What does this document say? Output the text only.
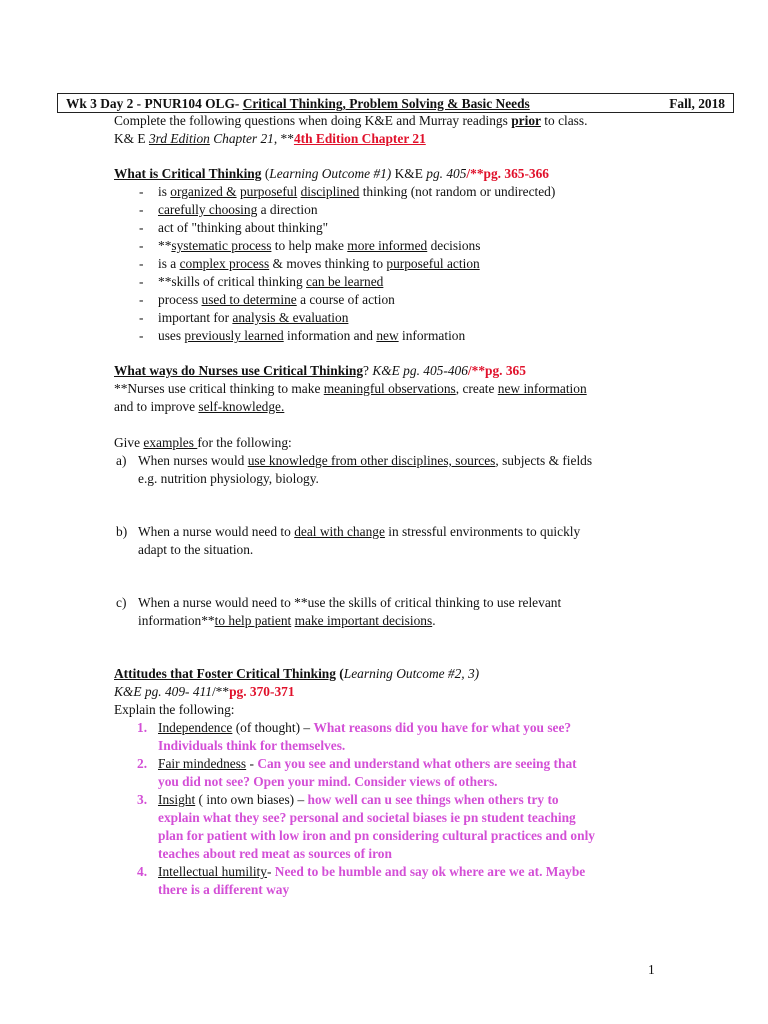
Wk 3 Day 2 - PNUR104 OLG- Critical Thinking, Problem Solving & Basic Needs	Fall, 2018
Complete the following questions when doing K&E and Murray readings prior to class.
K& E 3rd Edition Chapter 21, **4th Edition Chapter 21
What is Critical Thinking (Learning Outcome #1) K&E pg. 405/**pg. 365-366
- is organized & purposeful disciplined thinking (not random or undirected)
- carefully choosing a direction
- act of "thinking about thinking"
- **systematic process to help make more informed decisions
- is a complex process & moves thinking to purposeful action
- **skills of critical thinking can be learned
- process used to determine a course of action
- important for analysis & evaluation
- uses previously learned information and new information
What ways do Nurses use Critical Thinking? K&E pg. 405-406/**pg. 365
**Nurses use critical thinking to make meaningful observations, create new information
and to improve self-knowledge.
Give examples for the following:
a) When nurses would use knowledge from other disciplines, sources, subjects & fields
e.g. nutrition physiology, biology.
b) When a nurse would need to deal with change in stressful environments to quickly
adapt to the situation.
c) When a nurse would need to **use the skills of critical thinking to use relevant
information**to help patient make important decisions.
Attitudes that Foster Critical Thinking (Learning Outcome #2, 3)
K&E pg. 409- 411/**pg. 370-371
Explain the following:
1. Independence (of thought) – What reasons did you have for what you see?
Individuals think for themselves.
2. Fair mindedness - Can you see and understand what others are seeing that
you did not see? Open your mind. Consider views of others.
3. Insight ( into own biases) – how well can u see things when others try to
explain what they see? personal and societal biases ie pn student teaching
plan for patient with low iron and pn considering cultural practices and only
teaches about red meat as sources of iron
4. Intellectual humility- Need to be humble and say ok where are we at. Maybe
there is a different way
1
